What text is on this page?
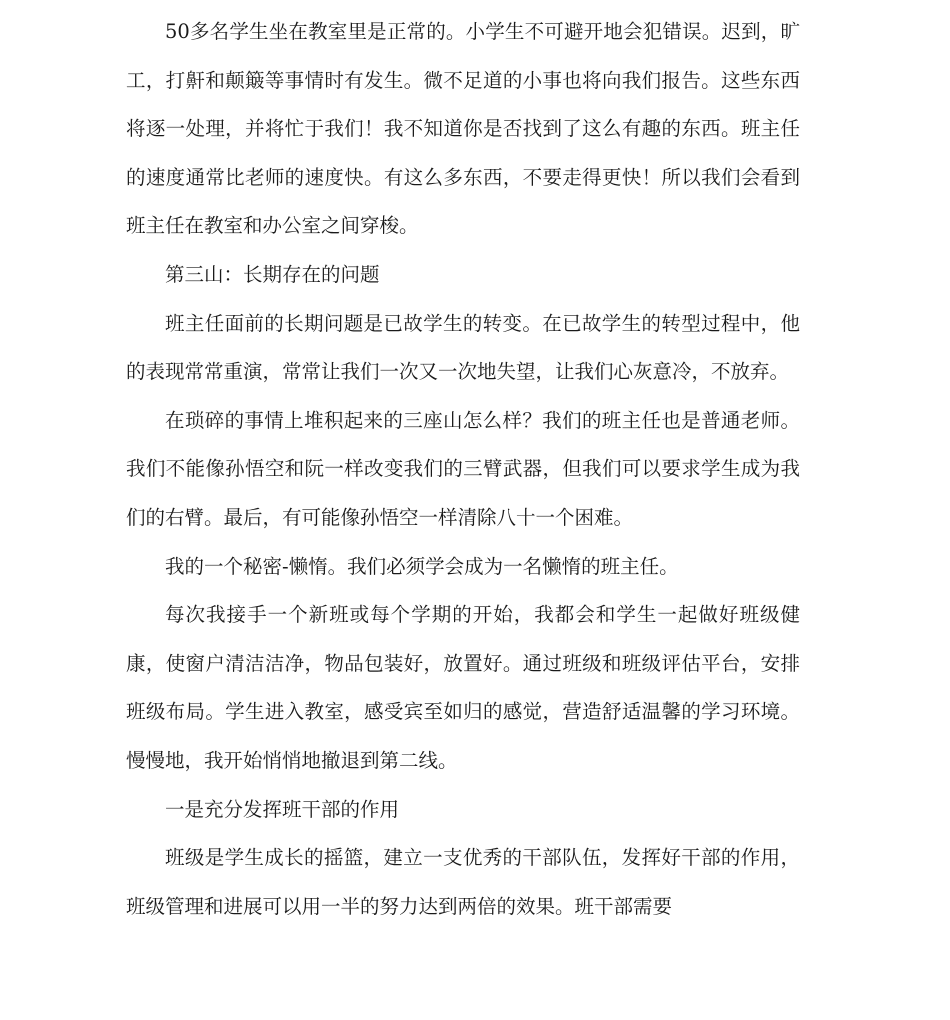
50多名学生坐在教室里是正常的。小学生不可避开地会犯错误。迟到，旷工，打鼾和颠簸等事情时有发生。微不足道的小事也将向我们报告。这些东西将逐一处理，并将忙于我们！我不知道你是否找到了这么有趣的东西。班主任的速度通常比老师的速度快。有这么多东西，不要走得更快！所以我们会看到班主任在教室和办公室之间穿梭。

第三山：长期存在的问题

班主任面前的长期问题是已故学生的转变。在已故学生的转型过程中，他的表现常常重演，常常让我们一次又一次地失望，让我们心灰意冷，不放弃。

在琐碎的事情上堆积起来的三座山怎么样？我们的班主任也是普通老师。我们不能像孙悟空和阮一样改变我们的三臂武器，但我们可以要求学生成为我们的右臂。最后，有可能像孙悟空一样清除八十一个困难。

我的一个秘密-懒惰。我们必须学会成为一名懒惰的班主任。

每次我接手一个新班或每个学期的开始，我都会和学生一起做好班级健康，使窗户清洁洁净，物品包装好，放置好。通过班级和班级评估平台，安排班级布局。学生进入教室，感受宾至如归的感觉，营造舒适温馨的学习环境。慢慢地，我开始悄悄地撤退到第二线。

一是充分发挥班干部的作用

班级是学生成长的摇篮，建立一支优秀的干部队伍，发挥好干部的作用，班级管理和进展可以用一半的努力达到两倍的效果。班干部需要
